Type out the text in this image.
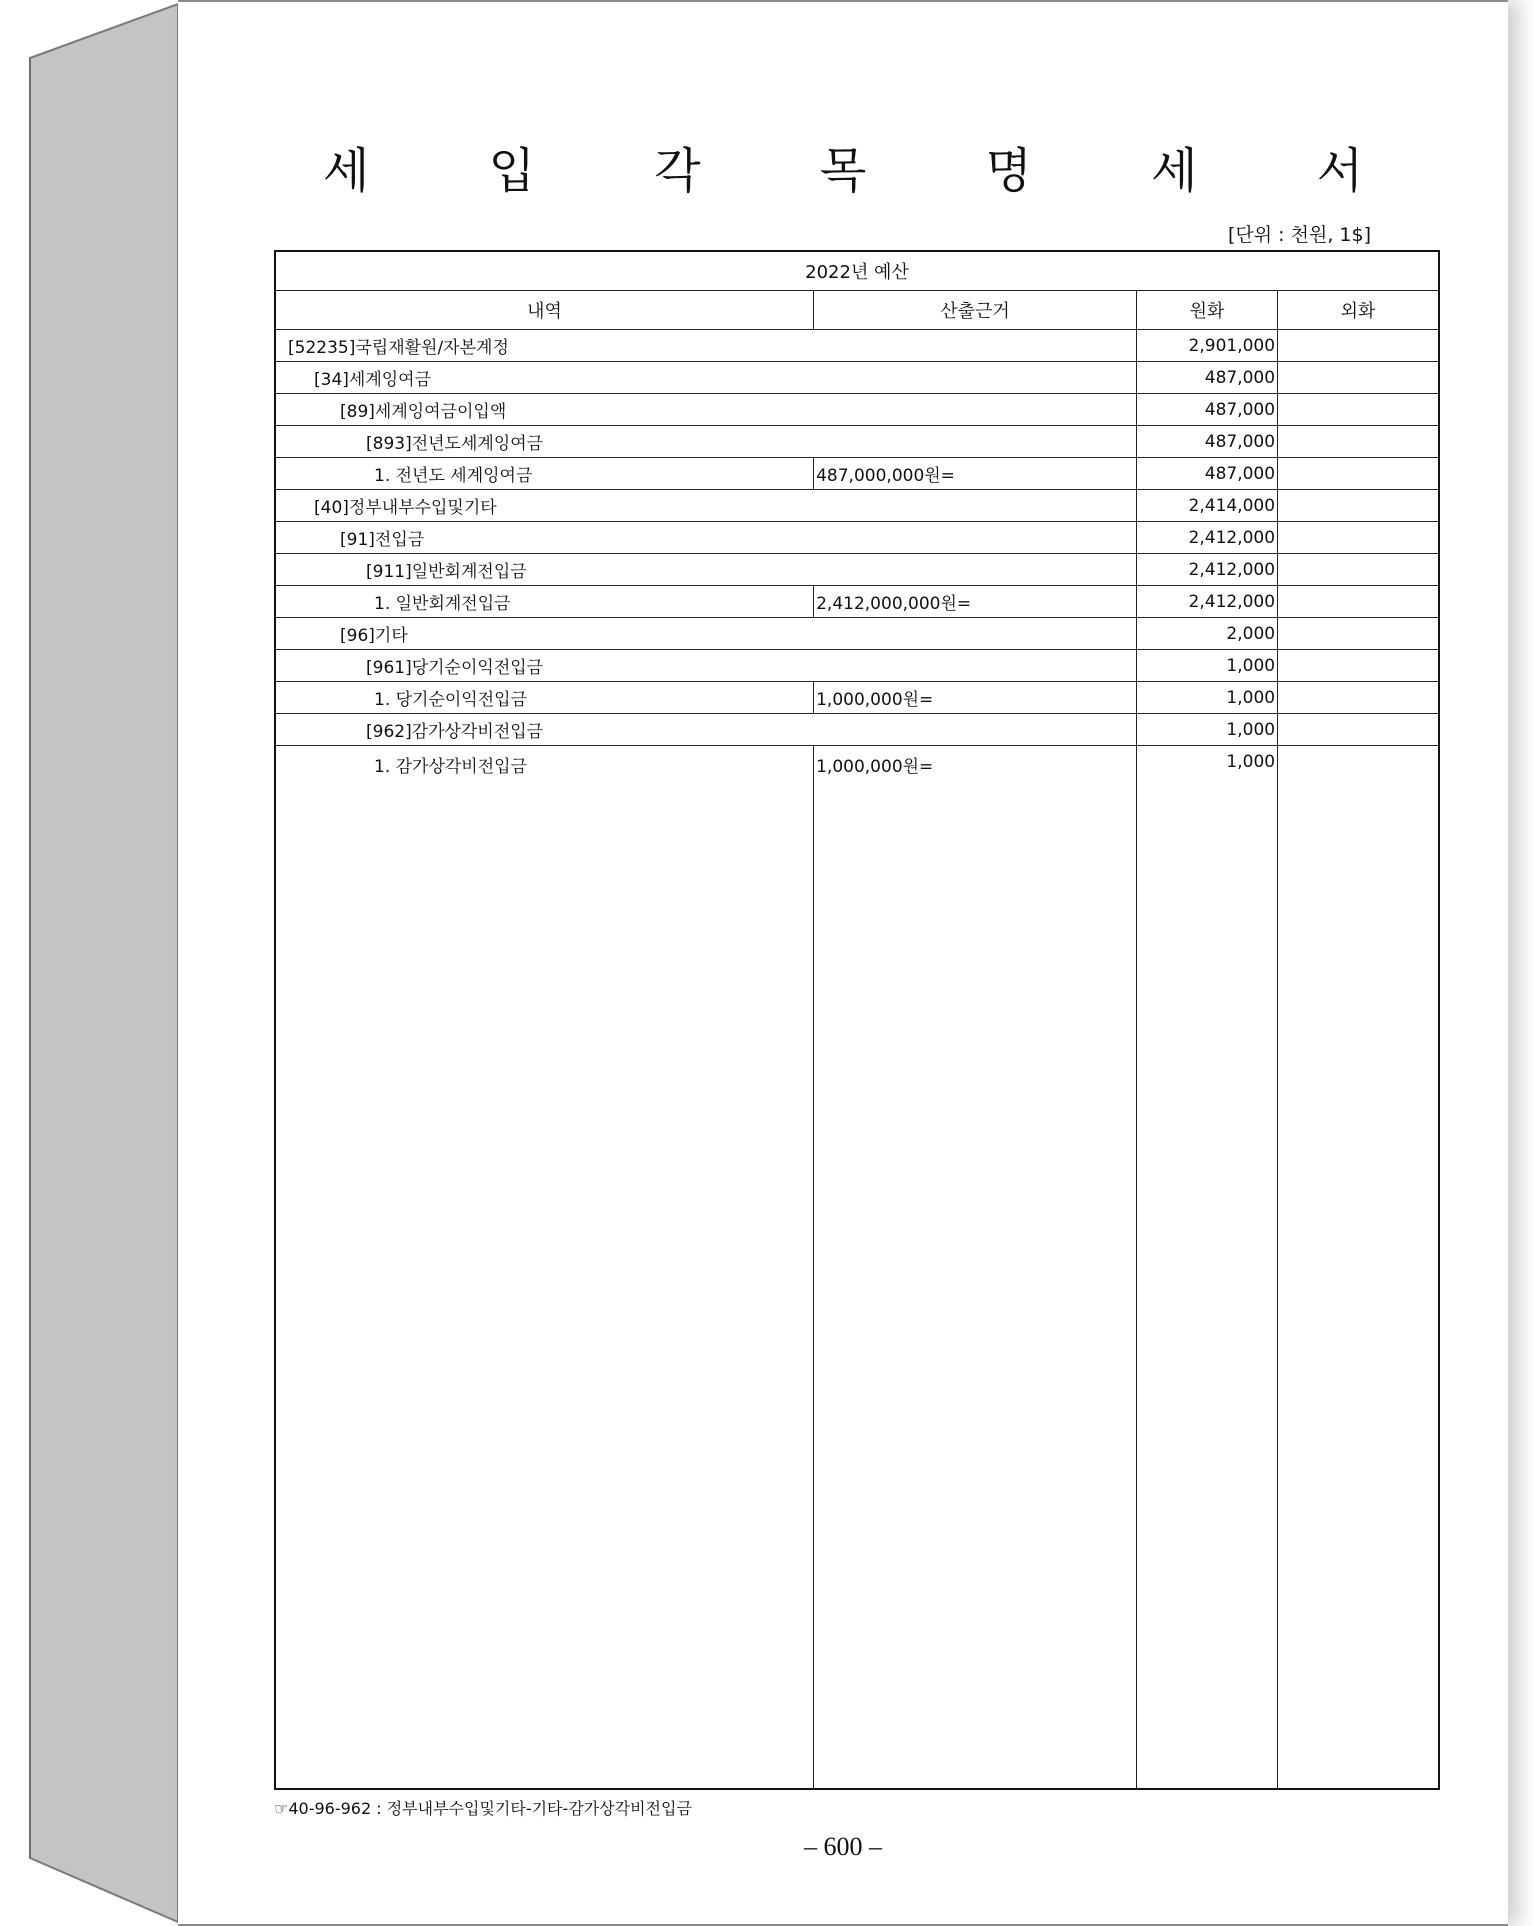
세 입 각 목 명 세 서
[단위 : 천원, 1$]
2022년 예산			
내역	산출근거	원화	외화
[52235]국립재활원/자본계정		2,901,000	
[34]세계잉여금		487,000	
[89]세계잉여금이입액		487,000	
[893]전년도세계잉여금		487,000	
1. 전년도 세계잉여금	487,000,000원=	487,000	
[40]정부내부수입및기타		2,414,000	
[91]전입금		2,412,000	
[911]일반회계전입금		2,412,000	
1. 일반회계전입금	2,412,000,000원=	2,412,000	
[96]기타		2,000	
[961]당기순이익전입금		1,000	
1. 당기순이익전입금	1,000,000원=	1,000	
[962]감가상각비전입금		1,000	
1. 감가상각비전입금	1,000,000원=	1,000	
☞40-96-962 : 정부내부수입및기타-기타-감가상각비전입금
– 600 –
